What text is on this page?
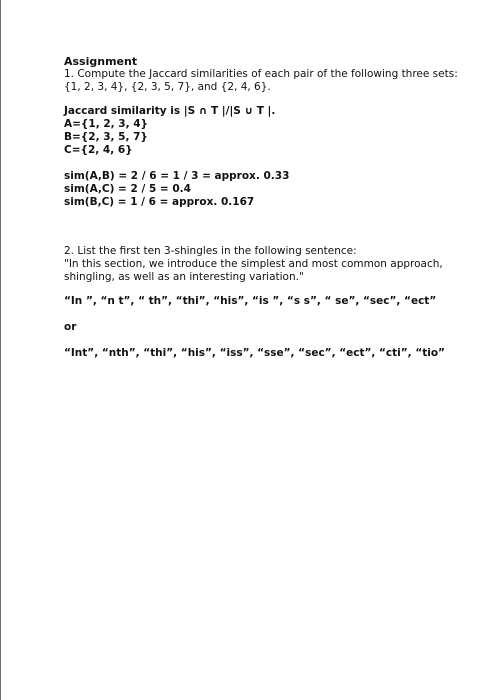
Assignment
1. Compute the Jaccard similarities of each pair of the following three sets:
{1, 2, 3, 4}, {2, 3, 5, 7}, and {2, 4, 6}.
Jaccard similarity is |S ∩ T |/|S ∪ T |.
A={1, 2, 3, 4}
B={2, 3, 5, 7}
C={2, 4, 6}
sim(A,B) = 2 / 6 = 1 / 3 = approx. 0.33
sim(A,C) = 2 / 5 = 0.4
sim(B,C) = 1 / 6 = approx. 0.167
2. List the first ten 3-shingles in the following sentence:
"In this section, we introduce the simplest and most common approach,
shingling, as well as an interesting variation."
“In ”, “n t”, “ th”, “thi”, “his”, “is ”, “s s”, “ se”, “sec”, “ect”
or
“Int”, “nth”, “thi”, “his”, “iss”, “sse”, “sec”, “ect”, “cti”, “tio”
